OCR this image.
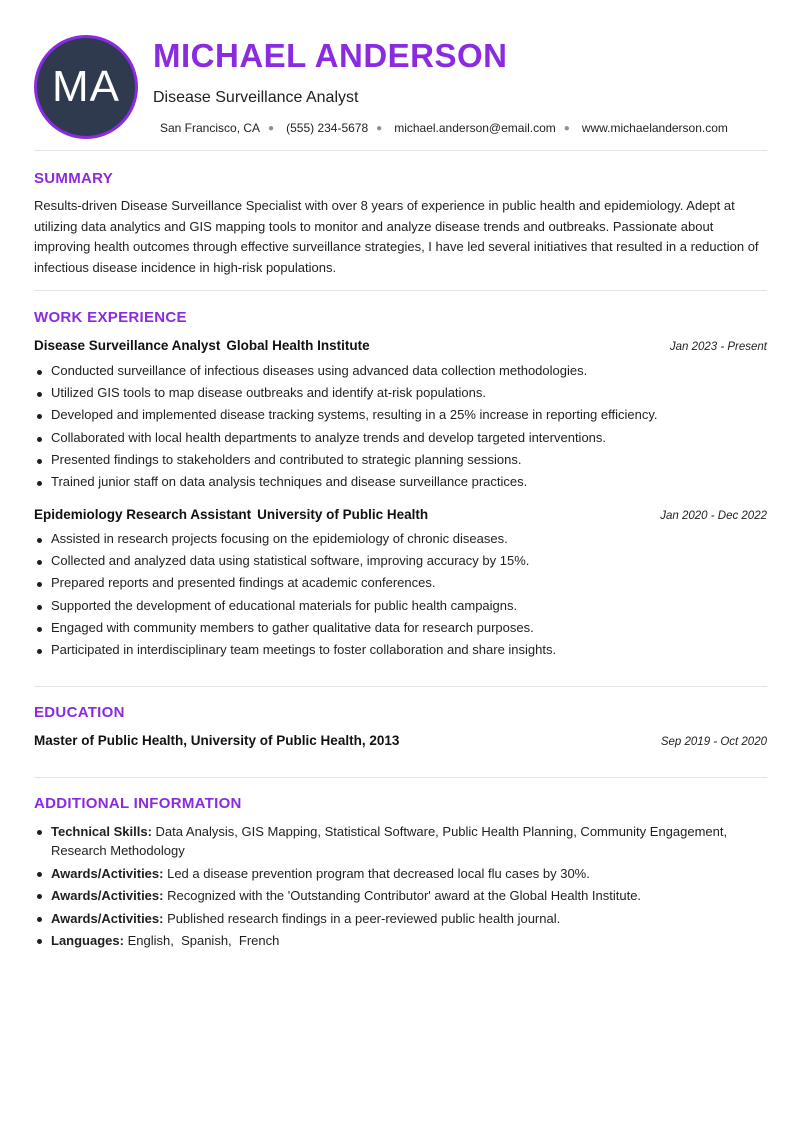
MA
MICHAEL ANDERSON
Disease Surveillance Analyst
San Francisco, CA ● (555) 234-5678 ● michael.anderson@email.com ● www.michaelanderson.com
SUMMARY

Results-driven Disease Surveillance Specialist with over 8 years of experience in public health and epidemiology. Adept at utilizing data analytics and GIS mapping tools to monitor and analyze disease trends and outbreaks. Passionate about improving health outcomes through effective surveillance strategies, I have led several initiatives that resulted in a reduction of infectious disease incidence in high-risk populations.

WORK EXPERIENCE
Disease Surveillance Analyst Global Health Institute	Jan 2023 - Present
Conducted surveillance of infectious diseases using advanced data collection methodologies.
Utilized GIS tools to map disease outbreaks and identify at-risk populations.
Developed and implemented disease tracking systems, resulting in a 25% increase in reporting efficiency.
Collaborated with local health departments to analyze trends and develop targeted interventions.
Presented findings to stakeholders and contributed to strategic planning sessions.
Trained junior staff on data analysis techniques and disease surveillance practices.
Epidemiology Research Assistant University of Public Health	Jan 2020 - Dec 2022
Assisted in research projects focusing on the epidemiology of chronic diseases.
Collected and analyzed data using statistical software, improving accuracy by 15%.
Prepared reports and presented findings at academic conferences.
Supported the development of educational materials for public health campaigns.
Engaged with community members to gather qualitative data for research purposes.
Participated in interdisciplinary team meetings to foster collaboration and share insights.
EDUCATION
Master of Public Health, University of Public Health, 2013	Sep 2019 - Oct 2020
ADDITIONAL INFORMATION
Technical Skills: Data Analysis, GIS Mapping, Statistical Software, Public Health Planning, Community Engagement, Research Methodology
Awards/Activities: Led a disease prevention program that decreased local flu cases by 30%.
Awards/Activities: Recognized with the 'Outstanding Contributor' award at the Global Health Institute.
Awards/Activities: Published research findings in a peer-reviewed public health journal.
Languages: English,  Spanish,  French
